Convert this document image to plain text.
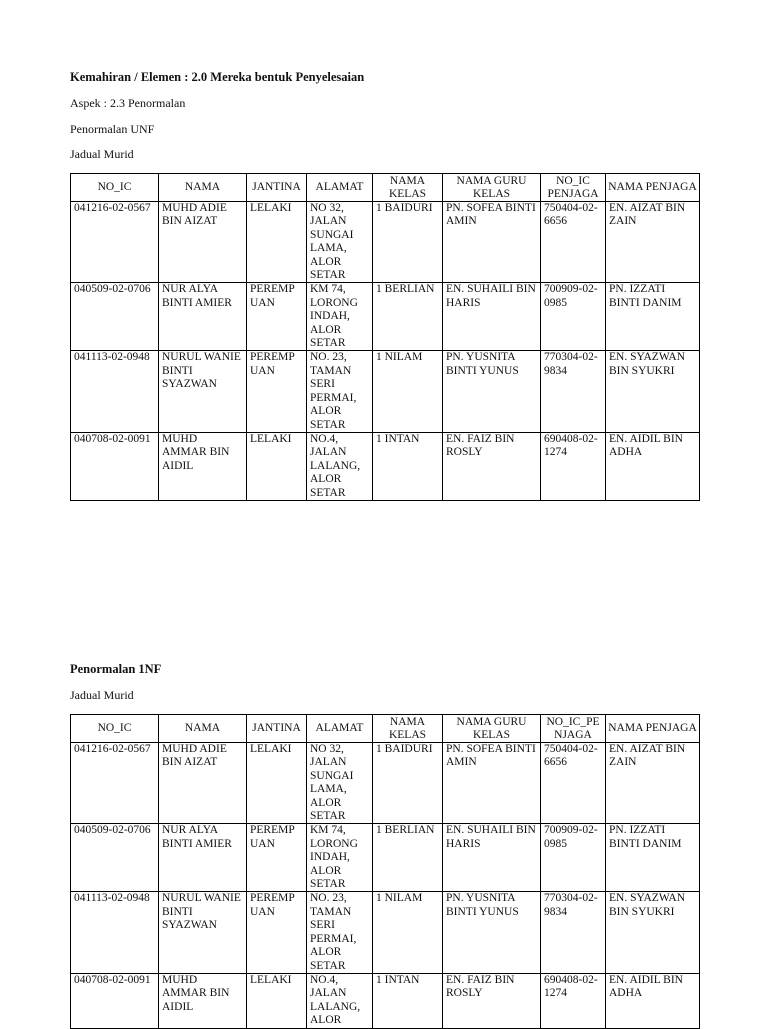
Kemahiran / Elemen : 2.0 Mereka bentuk Penyelesaian
Aspek : 2.3 Penormalan
Penormalan UNF
Jadual Murid
NO_IC	NAMA	JANTINA	ALAMAT	NAMA KELAS	NAMA GURU KELAS	NO_IC PENJAGA	NAMA PENJAGA
041216-02-0567	MUHD ADIE BIN AIZAT	LELAKI	NO 32, JALAN SUNGAI LAMA, ALOR SETAR	1 BAIDURI	PN. SOFEA BINTI AMIN	750404-02-6656	EN. AIZAT BIN ZAIN
040509-02-0706	NUR ALYA BINTI AMIER	PEREMP UAN	KM 74, LORONG INDAH, ALOR SETAR	1 BERLIAN	EN. SUHAILI BIN HARIS	700909-02-0985	PN. IZZATI BINTI DANIM
041113-02-0948	NURUL WANIE BINTI SYAZWAN	PEREMP UAN	NO. 23, TAMAN SERI PERMAI, ALOR SETAR	1 NILAM	PN. YUSNITA BINTI YUNUS	770304-02-9834	EN. SYAZWAN BIN SYUKRI
040708-02-0091	MUHD AMMAR BIN AIDIL	LELAKI	NO.4, JALAN LALANG, ALOR SETAR	1 INTAN	EN. FAIZ BIN ROSLY	690408-02-1274	EN. AIDIL BIN ADHA
Penormalan 1NF
Jadual Murid
NO_IC	NAMA	JANTINA	ALAMAT	NAMA KELAS	NAMA GURU KELAS	NO_IC_PE NJAGA	NAMA PENJAGA
041216-02-0567	MUHD ADIE BIN AIZAT	LELAKI	NO 32, JALAN SUNGAI LAMA, ALOR SETAR	1 BAIDURI	PN. SOFEA BINTI AMIN	750404-02-6656	EN. AIZAT BIN ZAIN
040509-02-0706	NUR ALYA BINTI AMIER	PEREMP UAN	KM 74, LORONG INDAH, ALOR SETAR	1 BERLIAN	EN. SUHAILI BIN HARIS	700909-02-0985	PN. IZZATI BINTI DANIM
041113-02-0948	NURUL WANIE BINTI SYAZWAN	PEREMP UAN	NO. 23, TAMAN SERI PERMAI, ALOR SETAR	1 NILAM	PN. YUSNITA BINTI YUNUS	770304-02-9834	EN. SYAZWAN BIN SYUKRI
040708-02-0091	MUHD AMMAR BIN AIDIL	LELAKI	NO.4, JALAN LALANG, ALOR	1 INTAN	EN. FAIZ BIN ROSLY	690408-02-1274	EN. AIDIL BIN ADHA
